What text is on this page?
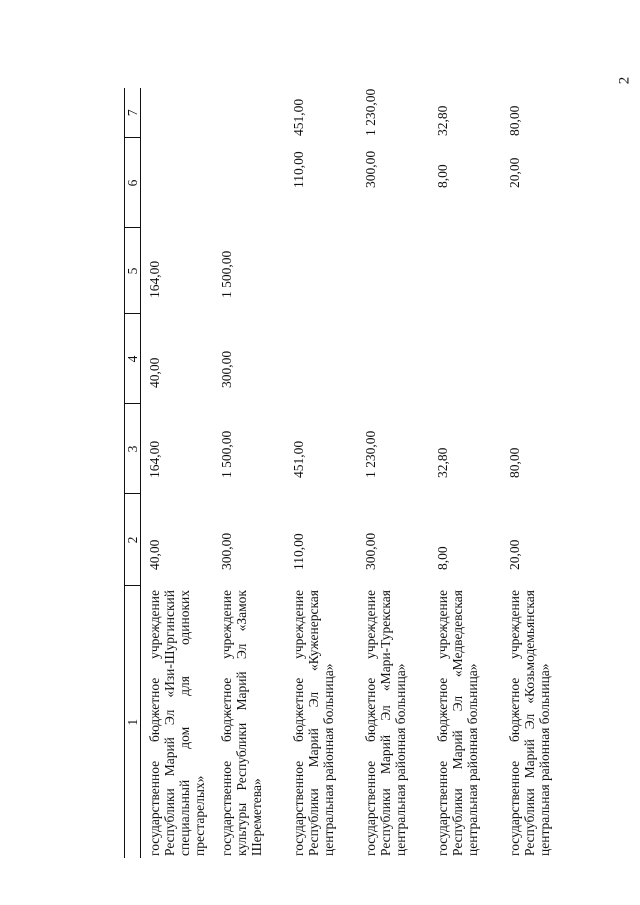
2
1	2	3	4	5	6	7
государственное бюджетное учреждение Республики Марий Эл «Изи-Шургинский специальный дом для одиноких престарелых»	40,00	164,00	40,00	164,00		
государственное бюджетное учреждение культуры Республики Марий Эл «Замок Шереметева»	300,00	1 500,00	300,00	1 500,00		
государственное бюджетное учреждение Республики Марий Эл «Куженерская центральная районная больница»	110,00	451,00			110,00	451,00
государственное бюджетное учреждение Республики Марий Эл «Мари-Турекская центральная районная больница»	300,00	1 230,00			300,00	1 230,00
государственное бюджетное учреждение Республики Марий Эл «Медведевская центральная районная больница»	8,00	32,80			8,00	32,80
государственное бюджетное учреждение Республики Марий Эл «Козьмодемьянская центральная районная больница»	20,00	80,00			20,00	80,00
